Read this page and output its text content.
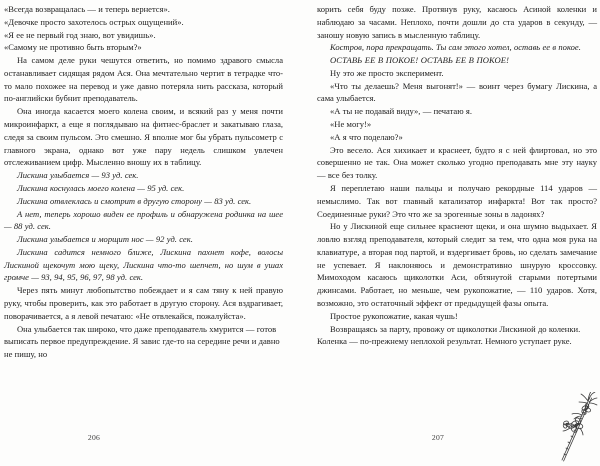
«Всегда возвращалась — и теперь вернется».

«Девочке просто захотелось острых ощущений».

«Я ее не первый год знаю, вот увидишь».

«Самому не противно быть вторым?»

На самом деле руки чешутся ответить, но помимо здравого смысла останавливает сидящая рядом Ася. Она мечтательно чертит в тетрадке что-то мало похожее на перевод и уже давно потеряла нить рассказа, который по-английски бубнит преподаватель.

Она иногда касается моего колена своим, и всякий раз у меня почти микроинфаркт, а еще я поглядываю на фитнес-браслет и закатываю глаза, следя за своим пульсом. Это смешно. Я вполне мог бы убрать пульсометр с главного экрана, однако вот уже пару недель слишком увлечен отслеживанием цифр. Мысленно вношу их в таблицу.

Лискина улыбается — 93 уд. сек.

Лискина коснулась моего колена — 95 уд. сек.

Лискина отвлеклась и смотрит в другую сторону — 83 уд. сек.

А нет, теперь хорошо виден ее профиль и обнаружена родинка на шее — 88 уд. сек.

Лискина улыбается и морщит нос — 92 уд. сек.

Лискина садится немного ближе, Лискина пахнет кофе, волосы Лискиной щекочут мою щеку, Лискина что-то шепчет, но шум в ушах громче — 93, 94, 95, 96, 97, 98 уд. сек.

Через пять минут любопытство побеждает и я сам тяну к ней правую руку, чтобы проверить, как это работает в другую сторону. Ася вздрагивает, поворачивается, а я левой печатаю: «Не отвлекайся, пожалуйста».

Она улыбается так широко, что даже преподаватель хмурится — готов выписать первое предупреждение. Я завис где-то на середине речи и давно не пишу, но

206

корить себя буду позже. Протянув руку, касаюсь Асиной коленки и наблюдаю за часами. Неплохо, почти дошли до ста ударов в секунду, — заношу новую запись в мысленную таблицу.

Костров, пора прекращать. Ты сам этого хотел, оставь ее в покое.

ОСТАВЬ ЕЕ В ПОКОЕ! ОСТАВЬ ЕЕ В ПОКОЕ!

Ну это же просто эксперимент.

«Что ты делаешь? Меня выгонят!» — воинт через бумагу Лискина, а сама улыбается.

«А ты не подавай виду», — печатаю я.

«Не могу!»

«А я что поделаю?»

Это весело. Ася хихикает и краснеет, будто я с ней флиртовал, но это совершенно не так. Она может сколько угодно преподавать мне эту науку — все без толку.

Я переплетаю наши пальцы и получаю рекордные 114 ударов — немыслимо. Так вот главный катализатор инфаркта! Вот так просто? Соединенные руки? Это что же за эрогенные зоны в ладонях?

Но у Лискиной еще сильнее краснеют щеки, и она шумно выдыхает. Я ловлю взгляд преподавателя, который следит за тем, что одна моя рука на клавиатуре, а вторая под партой, и вздергивает бровь, но сделать замечание не успевает. Я наклоняюсь и демонстративно шнурую кроссовку. Мимоходом касаюсь щиколотки Аси, обтянутой старыми потертыми джинсами. Работает, но меньше, чем рукопожатие, — 110 ударов. Хотя, возможно, это остаточный эффект от предыдущей фазы опыта.

Простое рукопожатие, какая чушь!

Возвращаясь за парту, провожу от щиколотки Лискиной до коленки. Коленка — по-прежнему неплохой результат. Немного уступает руке.

207
